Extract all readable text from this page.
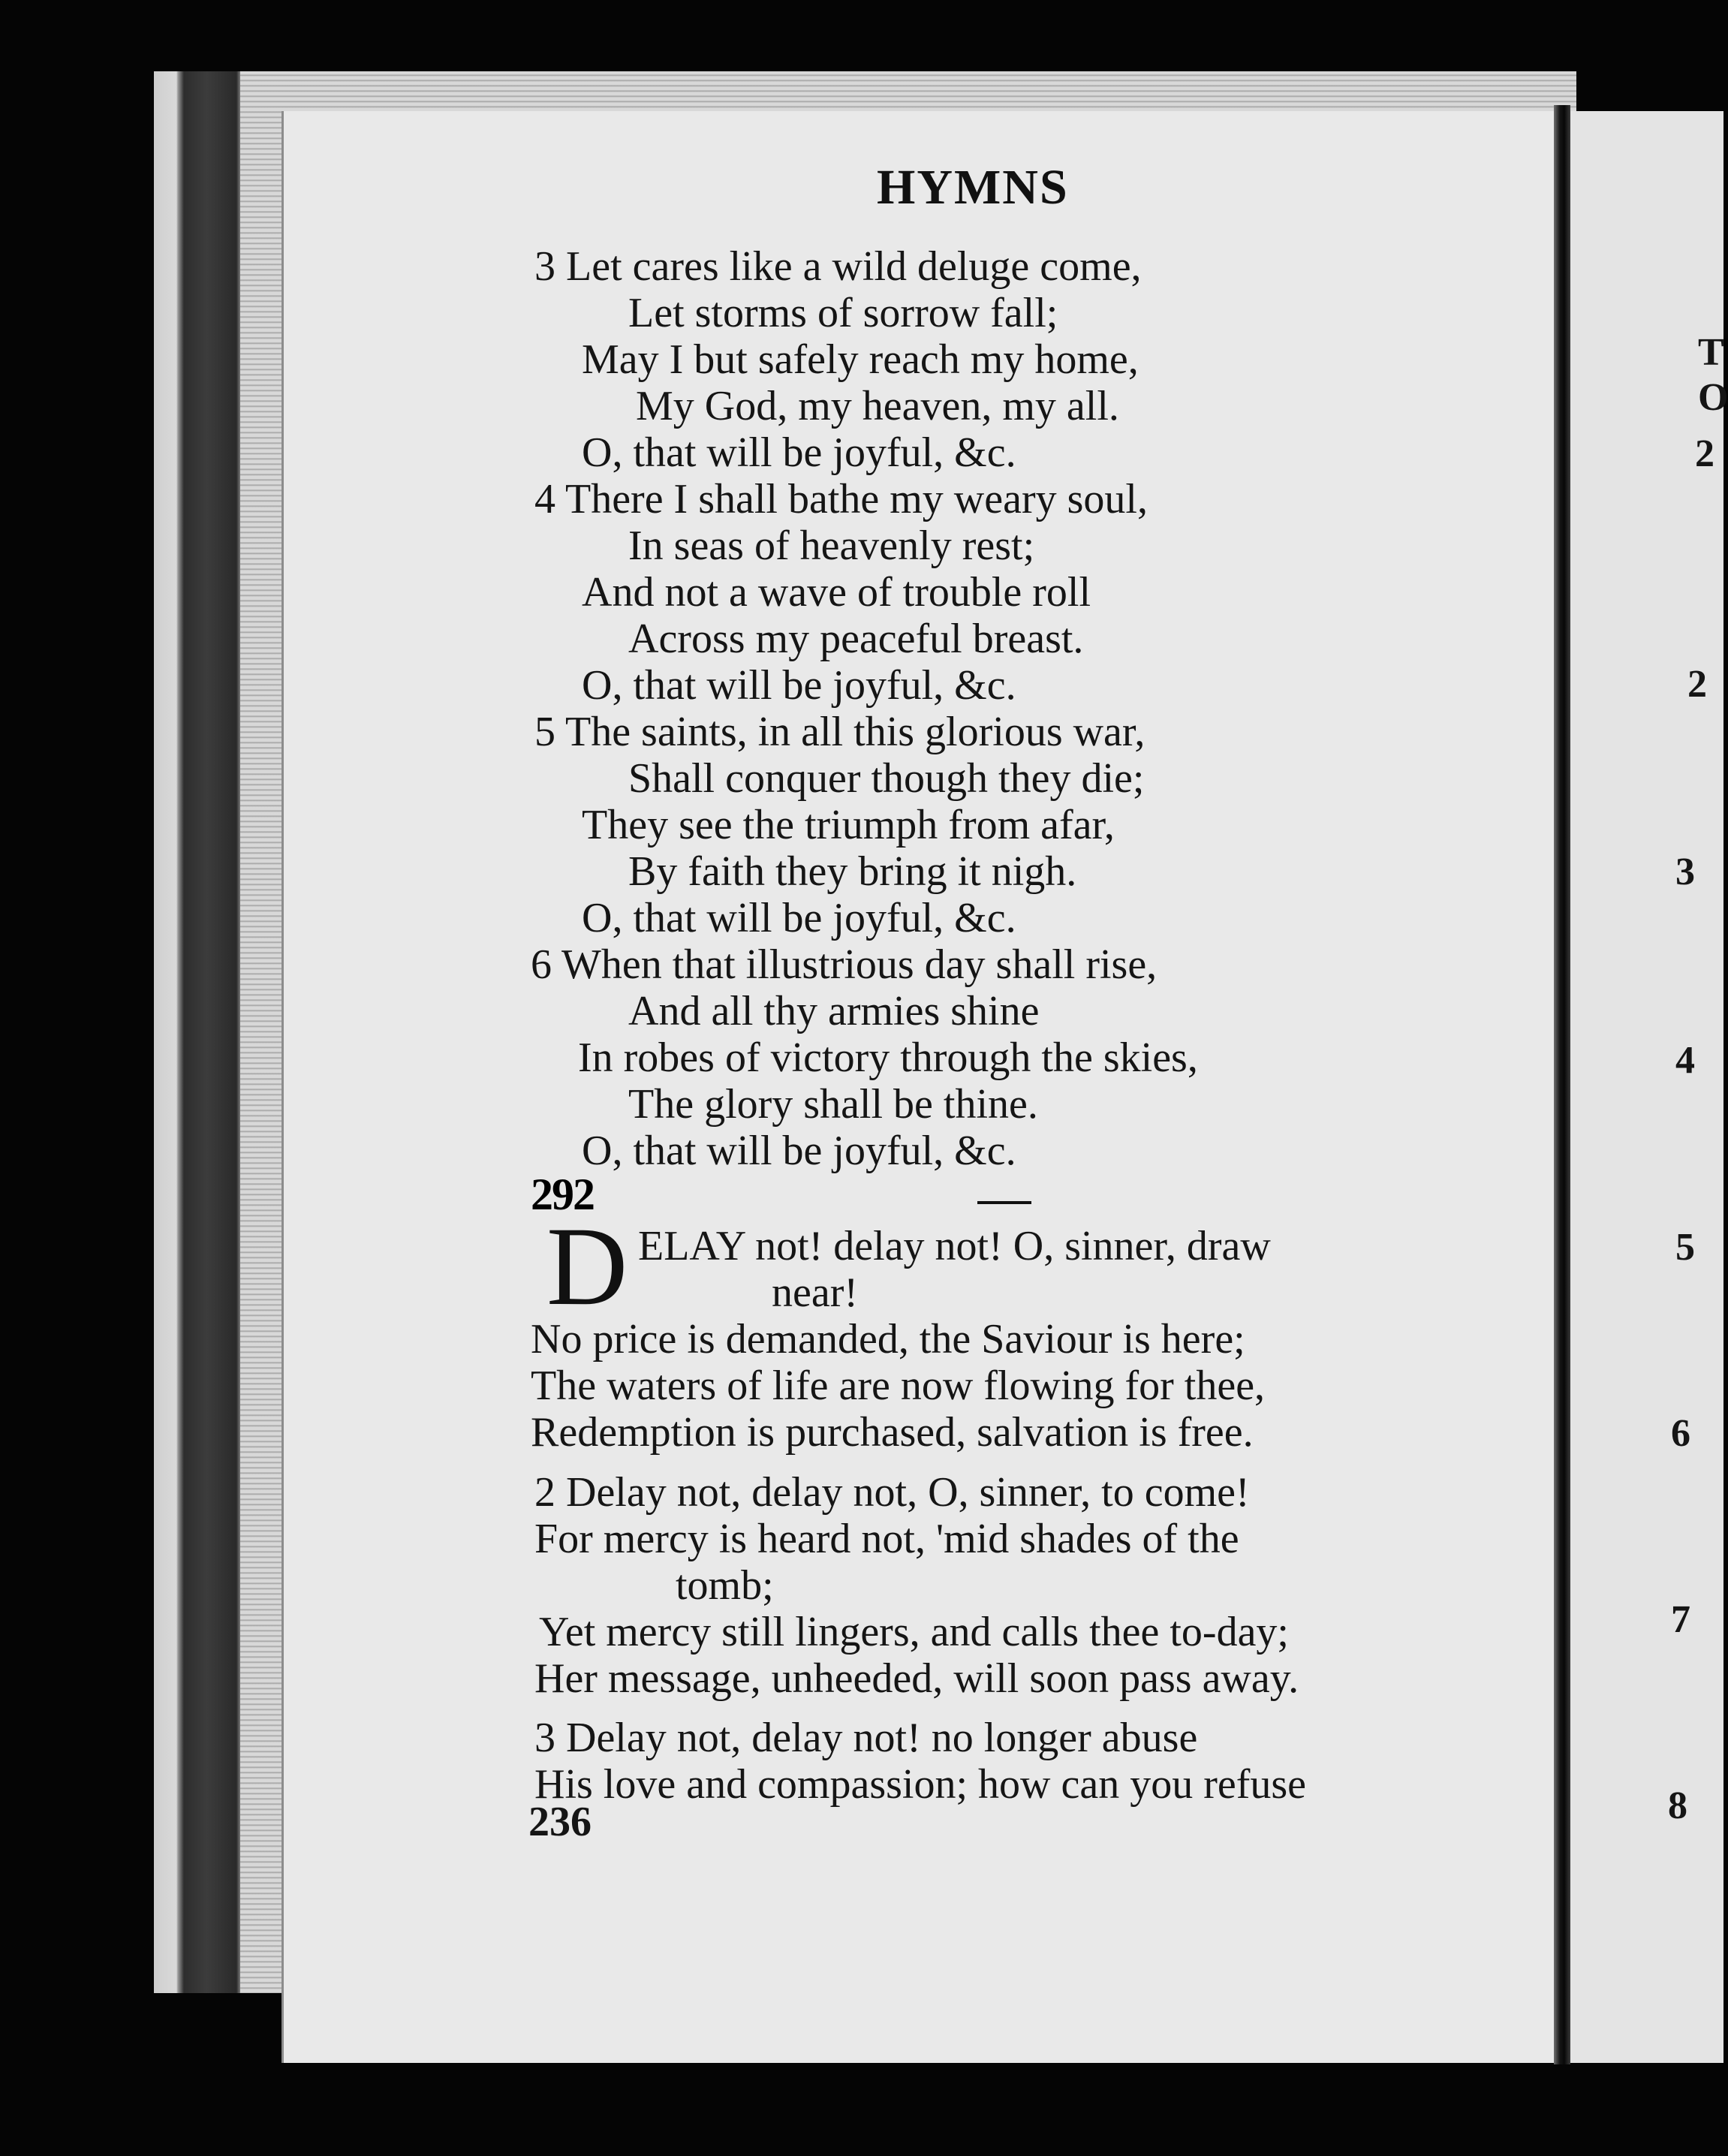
HYMNS
3 Let cares like a wild deluge come,
Let storms of sorrow fall;
May I but safely reach my home,
My God, my heaven, my all.
O, that will be joyful, &c.
4 There I shall bathe my weary soul,
In seas of heavenly rest;
And not a wave of trouble roll
Across my peaceful breast.
O, that will be joyful, &c.
5 The saints, in all this glorious war,
Shall conquer though they die;
They see the triumph from afar,
By faith they bring it nigh.
O, that will be joyful, &c.
6 When that illustrious day shall rise,
And all thy armies shine
In robes of victory through the skies,
The glory shall be thine.
O, that will be joyful, &c.
292
D ELAY not! delay not! O, sinner, draw
near!
No price is demanded, the Saviour is here;
The waters of life are now flowing for thee,
Redemption is purchased, salvation is free.
2 Delay not, delay not, O, sinner, to come!
For mercy is heard not, 'mid shades of the
tomb;
Yet mercy still lingers, and calls thee to-day;
Her message, unheeded, will soon pass away.
3 Delay not, delay not! no longer abuse
His love and compassion; how can you refuse
236
T
O
2
2
3
4
5
6
7
8
